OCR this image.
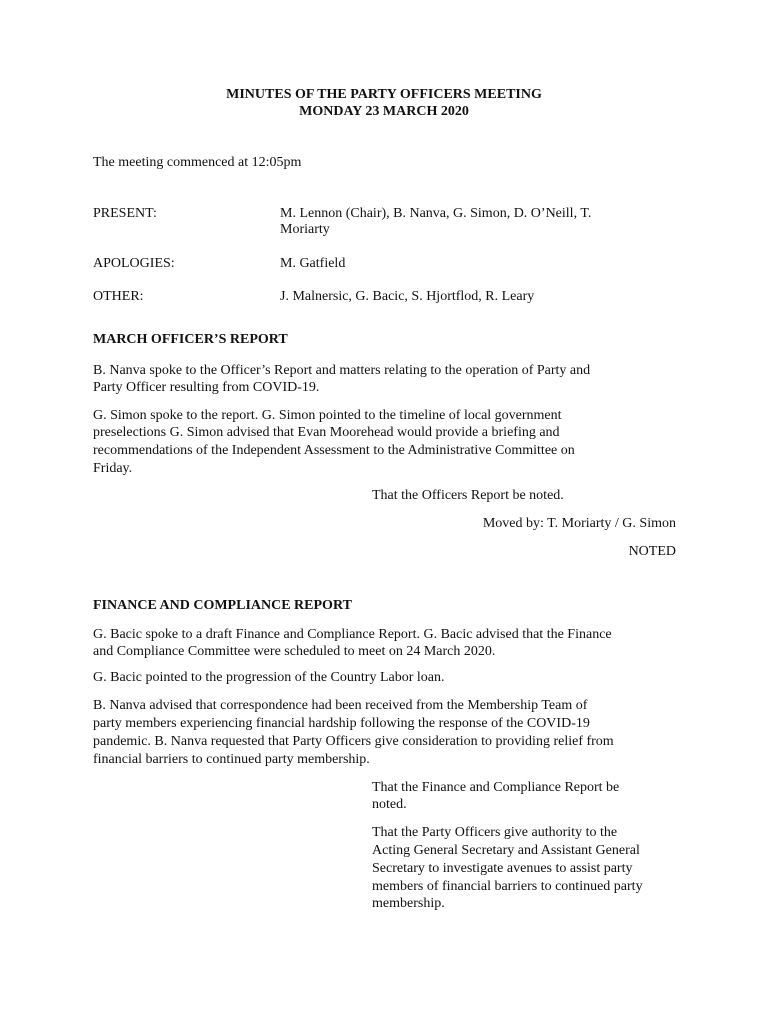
MINUTES OF THE PARTY OFFICERS MEETING
MONDAY 23 MARCH 2020
The meeting commenced at 12:05pm
PRESENT:	M. Lennon (Chair), B. Nanva, G. Simon, D. O’Neill, T.
Moriarty
APOLOGIES:	M. Gatfield
OTHER:	J. Malnersic, G. Bacic, S. Hjortflod, R. Leary
MARCH OFFICER’S REPORT
B. Nanva spoke to the Officer’s Report and matters relating to the operation of Party and
Party Officer resulting from COVID-19.
G. Simon spoke to the report. G. Simon pointed to the timeline of local government
preselections G. Simon advised that Evan Moorehead would provide a briefing and
recommendations of the Independent Assessment to the Administrative Committee on
Friday.
That the Officers Report be noted.
Moved by: T. Moriarty / G. Simon
NOTED
FINANCE AND COMPLIANCE REPORT
G. Bacic spoke to a draft Finance and Compliance Report. G. Bacic advised that the Finance
and Compliance Committee were scheduled to meet on 24 March 2020.
G. Bacic pointed to the progression of the Country Labor loan.
B. Nanva advised that correspondence had been received from the Membership Team of
party members experiencing financial hardship following the response of the COVID-19
pandemic. B. Nanva requested that Party Officers give consideration to providing relief from
financial barriers to continued party membership.
That the Finance and Compliance Report be
noted.
That the Party Officers give authority to the
Acting General Secretary and Assistant General
Secretary to investigate avenues to assist party
members of financial barriers to continued party
membership.
